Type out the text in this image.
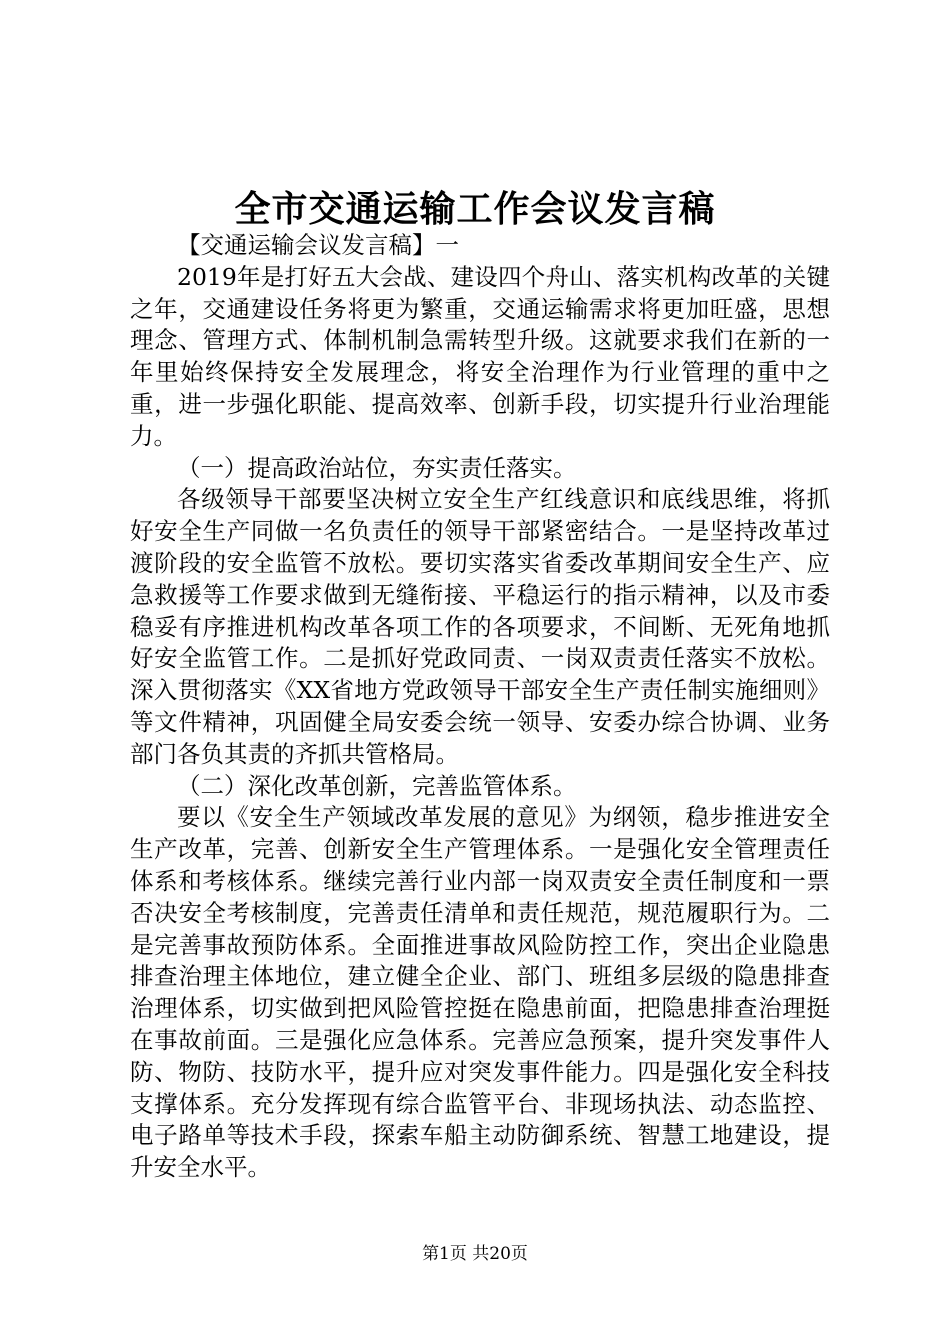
全市交通运输工作会议发言稿

【交通运输会议发言稿】一

2019年是打好五大会战、建设四个舟山、落实机构改革的关键之年，交通建设任务将更为繁重，交通运输需求将更加旺盛，思想理念、管理方式、体制机制急需转型升级。这就要求我们在新的一年里始终保持安全发展理念，将安全治理作为行业管理的重中之重，进一步强化职能、提高效率、创新手段，切实提升行业治理能力。

（一）提高政治站位，夯实责任落实。

各级领导干部要坚决树立安全生产红线意识和底线思维，将抓好安全生产同做一名负责任的领导干部紧密结合。一是坚持改革过渡阶段的安全监管不放松。要切实落实省委改革期间安全生产、应急救援等工作要求做到无缝衔接、平稳运行的指示精神，以及市委稳妥有序推进机构改革各项工作的各项要求，不间断、无死角地抓好安全监管工作。二是抓好党政同责、一岗双责责任落实不放松。深入贯彻落实《XX省地方党政领导干部安全生产责任制实施细则》等文件精神，巩固健全局安委会统一领导、安委办综合协调、业务部门各负其责的齐抓共管格局。

（二）深化改革创新，完善监管体系。

要以《安全生产领域改革发展的意见》为纲领，稳步推进安全生产改革，完善、创新安全生产管理体系。一是强化安全管理责任体系和考核体系。继续完善行业内部一岗双责安全责任制度和一票否决安全考核制度，完善责任清单和责任规范，规范履职行为。二是完善事故预防体系。全面推进事故风险防控工作，突出企业隐患排查治理主体地位，建立健全企业、部门、班组多层级的隐患排查治理体系，切实做到把风险管控挺在隐患前面，把隐患排查治理挺在事故前面。三是强化应急体系。完善应急预案，提升突发事件人防、物防、技防水平，提升应对突发事件能力。四是强化安全科技支撑体系。充分发挥现有综合监管平台、非现场执法、动态监控、电子路单等技术手段，探索车船主动防御系统、智慧工地建设，提升安全水平。

第1页 共20页
